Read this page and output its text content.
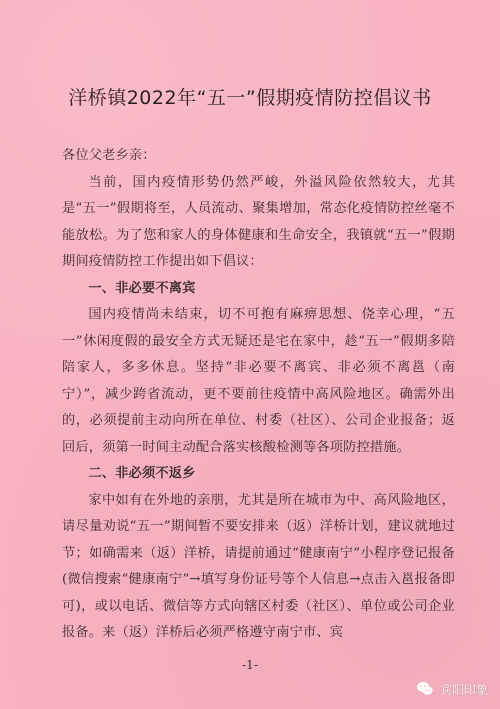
洋桥镇2022年“五一”假期疫情防控倡议书

各位父老乡亲：

当前，国内疫情形势仍然严峻，外溢风险依然较大，尤其是“五一”假期将至，人员流动、聚集增加，常态化疫情防控丝毫不能放松。为了您和家人的身体健康和生命安全，我镇就“五一”假期期间疫情防控工作提出如下倡议：

一、非必要不离宾

国内疫情尚未结束，切不可抱有麻痹思想、侥幸心理，“五一”休闲度假的最安全方式无疑还是宅在家中，趁“五一”假期多陪陪家人，多多休息。坚持“非必要不离宾、非必须不离邕（南宁）”，减少跨省流动，更不要前往疫情中高风险地区。确需外出的，必须提前主动向所在单位、村委（社区）、公司企业报备；返回后，须第一时间主动配合落实核酸检测等各项防控措施。

二、非必须不返乡

家中如有在外地的亲朋，尤其是所在城市为中、高风险地区，请尽量劝说“五一”期间暂不要安排来（返）洋桥计划，建议就地过节；如确需来（返）洋桥，请提前通过“健康南宁”小程序登记报备(微信搜索“健康南宁”→填写身份证号等个人信息→点击入邕报备即可)，或以电话、微信等方式向辖区村委（社区）、单位或公司企业报备。来（返）洋桥后必须严格遵守南宁市、宾

-1-
宾阳印象
